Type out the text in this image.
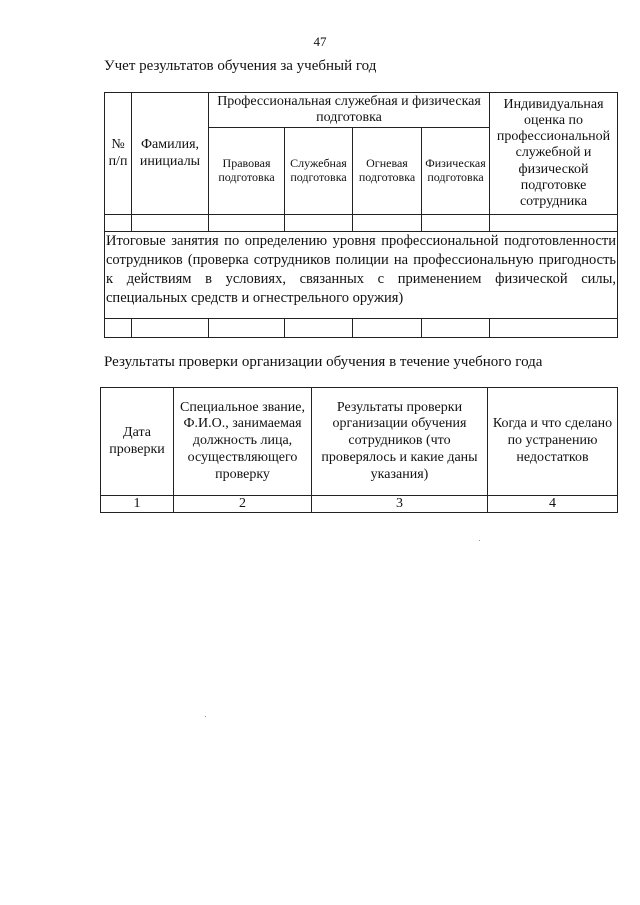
47
Учет результатов обучения за учебный год
№ п/п	Фамилия, инициалы	Профессиональная служебная и физическая подготовка				Индивидуальная оценка по профессиональной служебной и физической подготовке сотрудника
		Правовая подготовка	Служебная подготовка	Огневая подготовка	Физическая подготовка	

Итоговые занятия по определению уровня профессиональной подготовленности сотрудников (проверка сотрудников полиции на профессиональную пригодность к действиям в условиях, связанных с применением физической силы, специальных средств и огнестрельного оружия)						

Результаты проверки организации обучения в течение учебного года
Дата проверки	Специальное звание, Ф.И.О., занимаемая должность лица, осуществляющего проверку	Результаты проверки организации обучения сотрудников (что проверялось и какие даны указания)	Когда и что сделано по устранению недостатков
1	2	3	4
